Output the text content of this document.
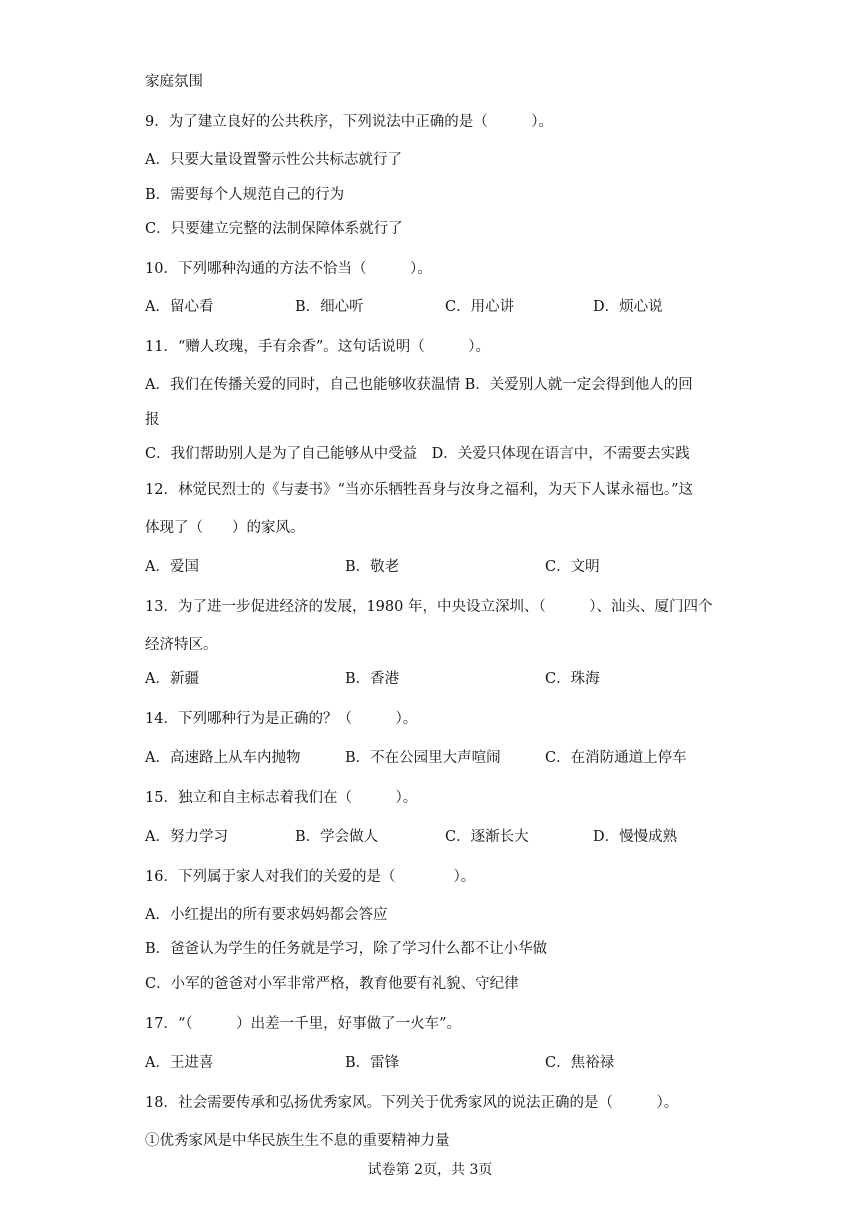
家庭氛围
9．为了建立良好的公共秩序，下列说法中正确的是（　　　）。
A．只要大量设置警示性公共标志就行了
B．需要每个人规范自己的行为
C．只要建立完整的法制保障体系就行了
10．下列哪种沟通的方法不恰当（　　　）。
A．留心看	B．细心听	C．用心讲	D．烦心说
11．“赠人玫瑰，手有余香”。这句话说明（　　　）。
A．我们在传播关爱的同时，自己也能够收获温情 B．关爱别人就一定会得到他人的回
报
C．我们帮助别人是为了自己能够从中受益　D．关爱只体现在语言中，不需要去实践
12．林觉民烈士的《与妻书》“当亦乐牺牲吾身与汝身之福利，为天下人谋永福也。”这
体现了（　　）的家风。
A．爱国	B．敬老	C．文明
13．为了进一步促进经济的发展，1980 年，中央设立深圳、（　　　）、汕头、厦门四个
经济特区。
A．新疆	B．香港	C．珠海
14．下列哪种行为是正确的？（　　　）。
A．高速路上从车内抛物	B．不在公园里大声喧闹	C．在消防通道上停车
15．独立和自主标志着我们在（　　　）。
A．努力学习	B．学会做人	C．逐渐长大	D．慢慢成熟
16．下列属于家人对我们的关爱的是（　　　　）。
A．小红提出的所有要求妈妈都会答应
B．爸爸认为学生的任务就是学习，除了学习什么都不让小华做
C．小军的爸爸对小军非常严格，教育他要有礼貌、守纪律
17．“（　　　）出差一千里，好事做了一火车”。
A．王进喜	B．雷锋	C．焦裕禄
18．社会需要传承和弘扬优秀家风。下列关于优秀家风的说法正确的是（　　　）。
①优秀家风是中华民族生生不息的重要精神力量
试卷第 2页，共 3页
